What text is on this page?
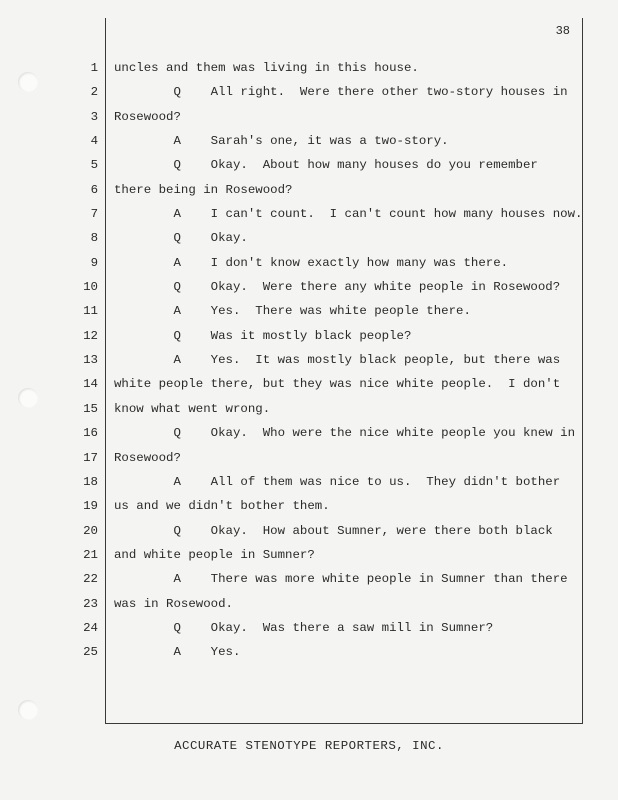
38
1 uncles and them was living in this house.
2 Q    All right.  Were there other two-story houses in
3 Rosewood?
4 A    Sarah's one, it was a two-story.
5 Q    Okay.  About how many houses do you remember
6 there being in Rosewood?
7 A    I can't count.  I can't count how many houses now.
8 Q    Okay.
9 A    I don't know exactly how many was there.
10 Q    Okay.  Were there any white people in Rosewood?
11 A    Yes.  There was white people there.
12 Q    Was it mostly black people?
13 A    Yes.  It was mostly black people, but there was
14 white people there, but they was nice white people.  I don't
15 know what went wrong.
16 Q    Okay.  Who were the nice white people you knew in
17 Rosewood?
18 A    All of them was nice to us.  They didn't bother
19 us and we didn't bother them.
20 Q    Okay.  How about Sumner, were there both black
21 and white people in Sumner?
22 A    There was more white people in Sumner than there
23 was in Rosewood.
24 Q    Okay.  Was there a saw mill in Sumner?
25 A    Yes.
ACCURATE STENOTYPE REPORTERS, INC.
